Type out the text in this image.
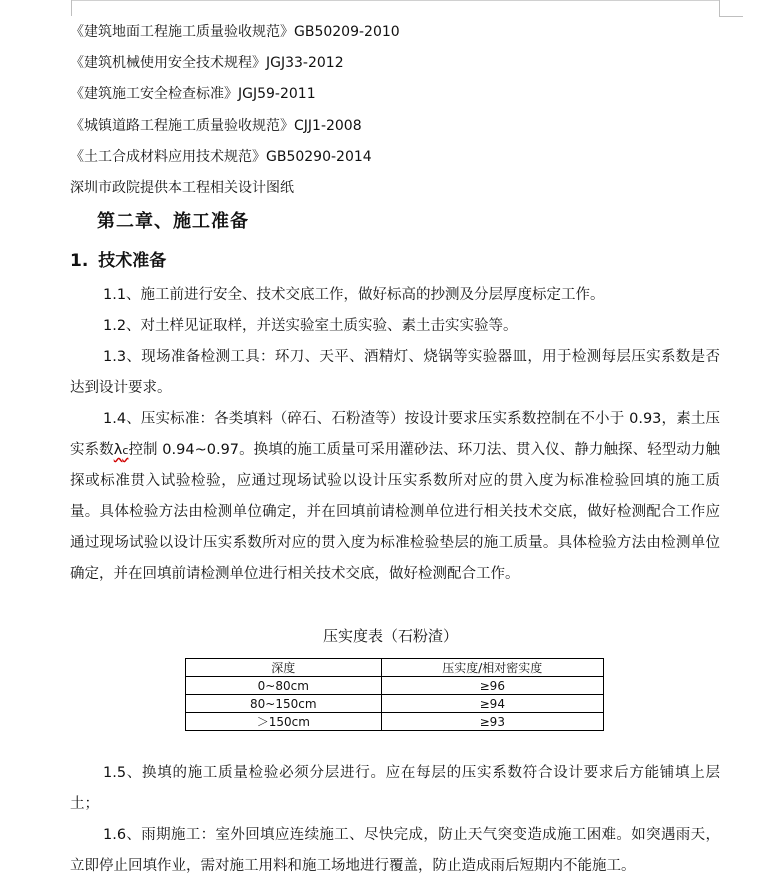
《建筑地面工程施工质量验收规范》GB50209-2010
《建筑机械使用安全技术规程》JGJ33-2012
《建筑施工安全检查标准》JGJ59-2011
《城镇道路工程施工质量验收规范》CJJ1-2008
《土工合成材料应用技术规范》GB50290-2014
深圳市政院提供本工程相关设计图纸
第二章、施工准备
1. 技术准备
1.1、施工前进行安全、技术交底工作，做好标高的抄测及分层厚度标定工作。
1.2、对土样见证取样，并送实验室土质实验、素土击实实验等。
1.3、现场准备检测工具：环刀、天平、酒精灯、烧锅等实验器皿，用于检测每层压实系数是否达到设计要求。
1.4、压实标准：各类填料（碎石、石粉渣等）按设计要求压实系数控制在不小于 0.93，素土压实系数λc控制 0.94~0.97。换填的施工质量可采用灌砂法、环刀法、贯入仪、静力触探、轻型动力触探或标准贯入试验检验，应通过现场试验以设计压实系数所对应的贯入度为标准检验回填的施工质量。具体检验方法由检测单位确定，并在回填前请检测单位进行相关技术交底，做好检测配合工作应通过现场试验以设计压实系数所对应的贯入度为标准检验垫层的施工质量。具体检验方法由检测单位确定，并在回填前请检测单位进行相关技术交底，做好检测配合工作。
压实度表（石粉渣）
深度	压实度/相对密实度
0~80cm	≥96
80~150cm	≥94
＞150cm	≥93
1.5、换填的施工质量检验必须分层进行。应在每层的压实系数符合设计要求后方能铺填上层土；
1.6、雨期施工：室外回填应连续施工、尽快完成，防止天气突变造成施工困难。如突遇雨天，立即停止回填作业，需对施工用料和施工场地进行覆盖，防止造成雨后短期内不能施工。
